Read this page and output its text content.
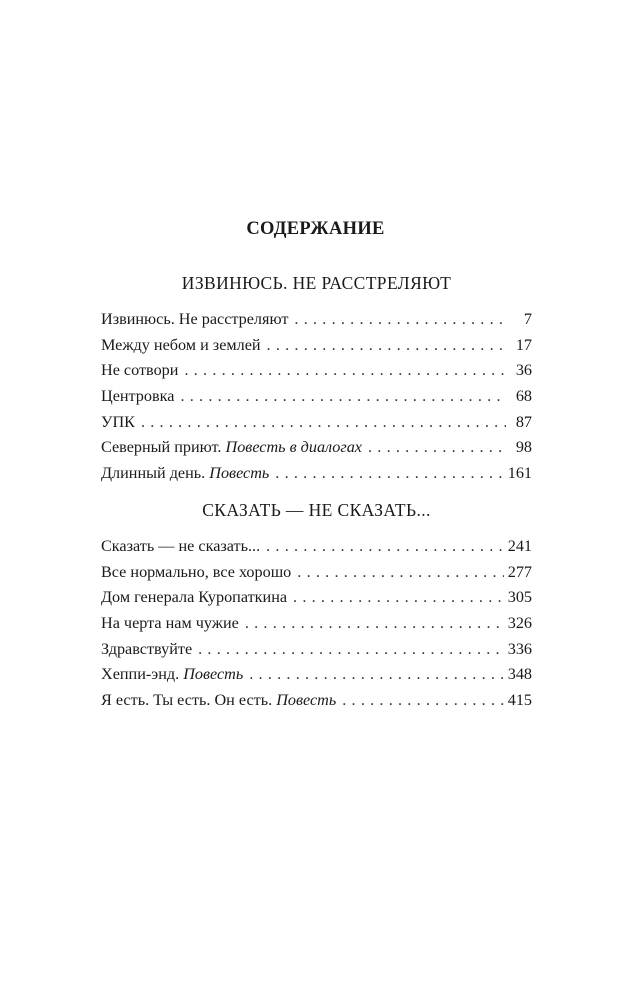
СОДЕРЖАНИЕ
ИЗВИНЮСЬ. НЕ РАССТРЕЛЯЮТ
Извинюсь. Не расстреляют . . .	7
Между небом и землей . . .	17
Не сотвори . . .	36
Центровка . . .	68
УПК . . .	87
Северный приют. Повесть в диалогах . . .	98
Длинный день. Повесть . . .	161
СКАЗАТЬ — НЕ СКАЗАТЬ...
Сказать — не сказать... . . .	241
Все нормально, все хорошо . . .	277
Дом генерала Куропаткина . . .	305
На черта нам чужие . . .	326
Здравствуйте . . .	336
Хеппи-энд. Повесть . . .	348
Я есть. Ты есть. Он есть. Повесть . . .	415
